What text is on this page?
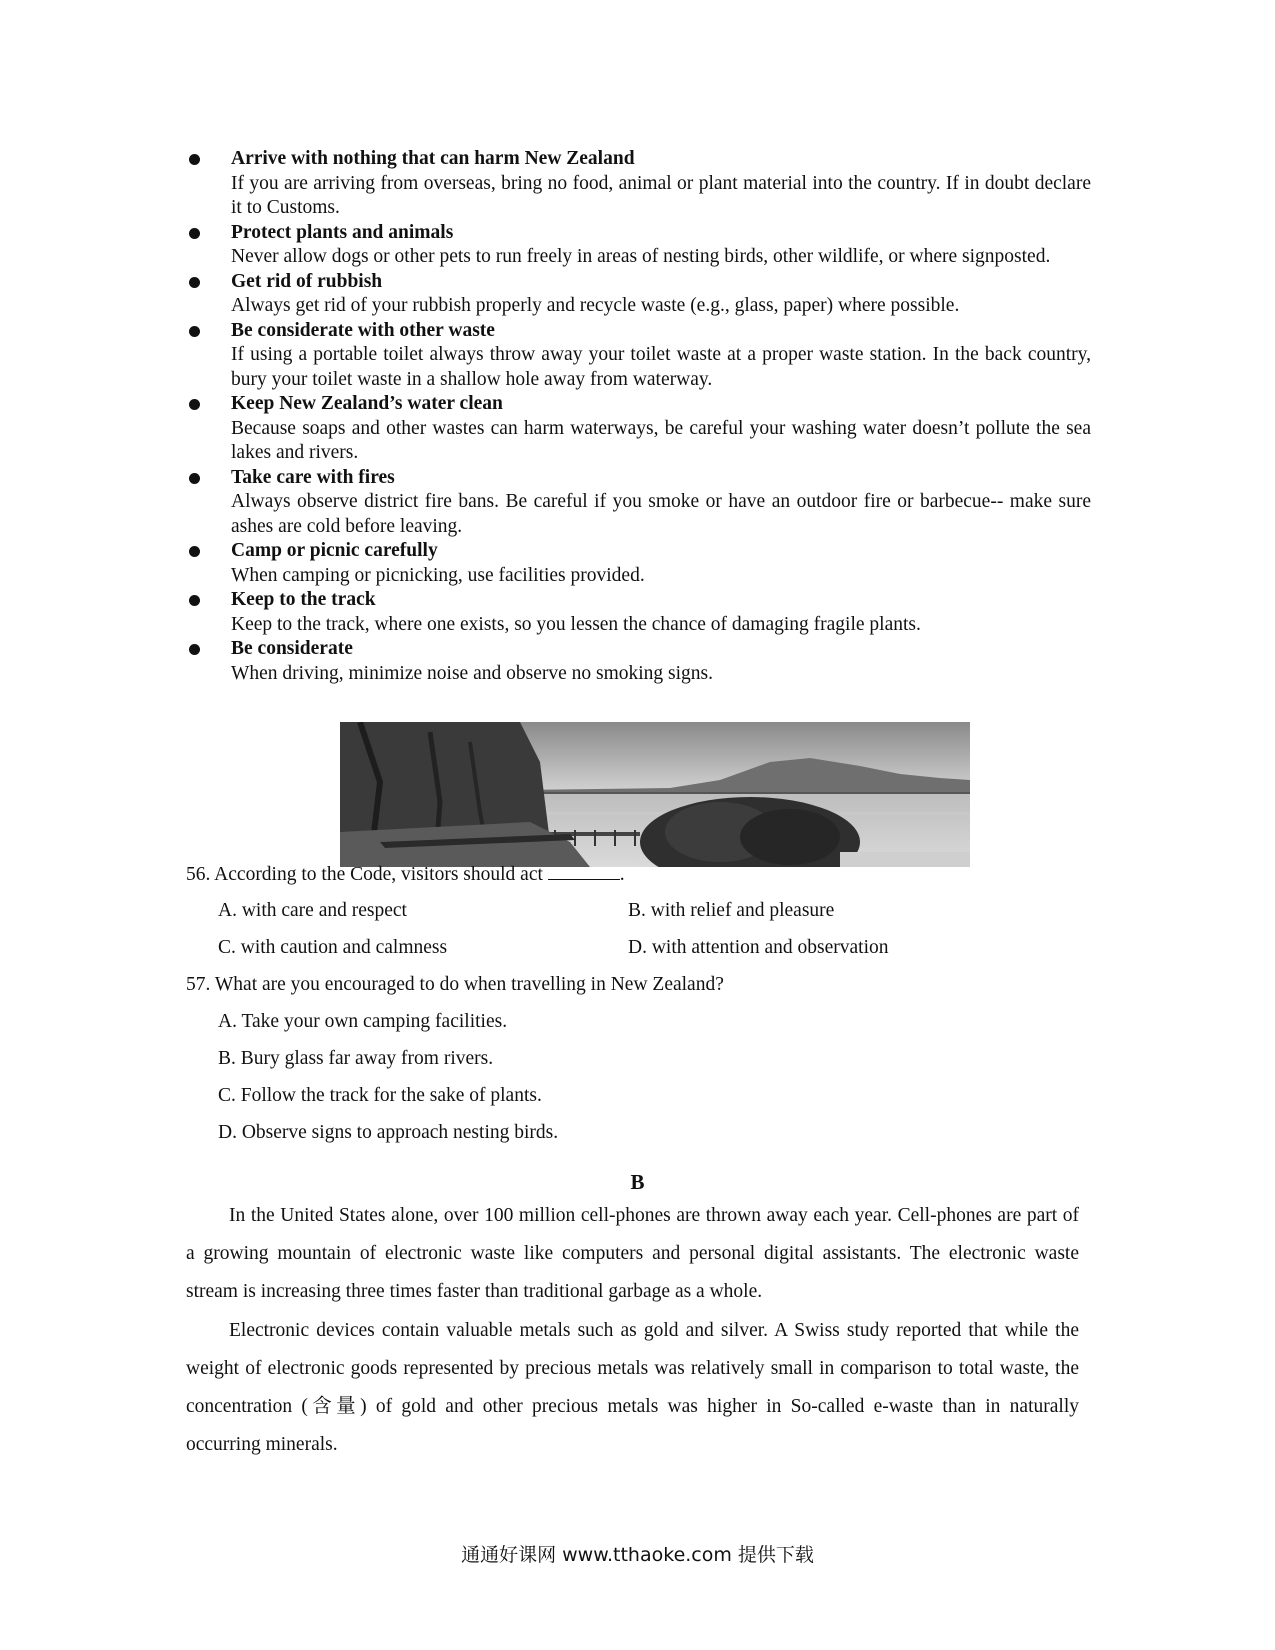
Arrive with nothing that can harm New Zealand
If you are arriving from overseas, bring no food, animal or plant material into the country. If in doubt declare it to Customs.
Protect plants and animals
Never allow dogs or other pets to run freely in areas of nesting birds, other wildlife, or where signposted.
Get rid of rubbish
Always get rid of your rubbish properly and recycle waste (e.g., glass, paper) where possible.
Be considerate with other waste
If using a portable toilet always throw away your toilet waste at a proper waste station. In the back country, bury your toilet waste in a shallow hole away from waterway.
Keep New Zealand’s water clean
Because soaps and other wastes can harm waterways, be careful your washing water doesn’t pollute the sea lakes and rivers.
Take care with fires
Always observe district fire bans. Be careful if you smoke or have an outdoor fire or barbecue-- make sure ashes are cold before leaving.
Camp or picnic carefully
When camping or picnicking, use facilities provided.
Keep to the track
Keep to the track, where one exists, so you lessen the chance of damaging fragile plants.
Be considerate
When driving, minimize noise and observe no smoking signs.
56. According to the Code, visitors should act	.
A. with care and respect	B. with relief and pleasure
C. with caution and calmness	D. with attention and observation
57. What are you encouraged to do when travelling in New Zealand?
A. Take your own camping facilities.
B. Bury glass far away from rivers.
C. Follow the track for the sake of plants.
D. Observe signs to approach nesting birds.
B
In the United States alone, over 100 million cell-phones are thrown away each year. Cell-phones are part of a growing mountain of electronic waste like computers and personal digital assistants. The electronic waste stream is increasing three times faster than traditional garbage as a whole.
Electronic devices contain valuable metals such as gold and silver. A Swiss study reported that while the weight of electronic goods represented by precious metals was relatively small in comparison to total waste, the concentration (含量) of gold and other precious metals was higher in So-called e-waste than in naturally occurring minerals.
通通好课网 www.tthaoke.com 提供下载
